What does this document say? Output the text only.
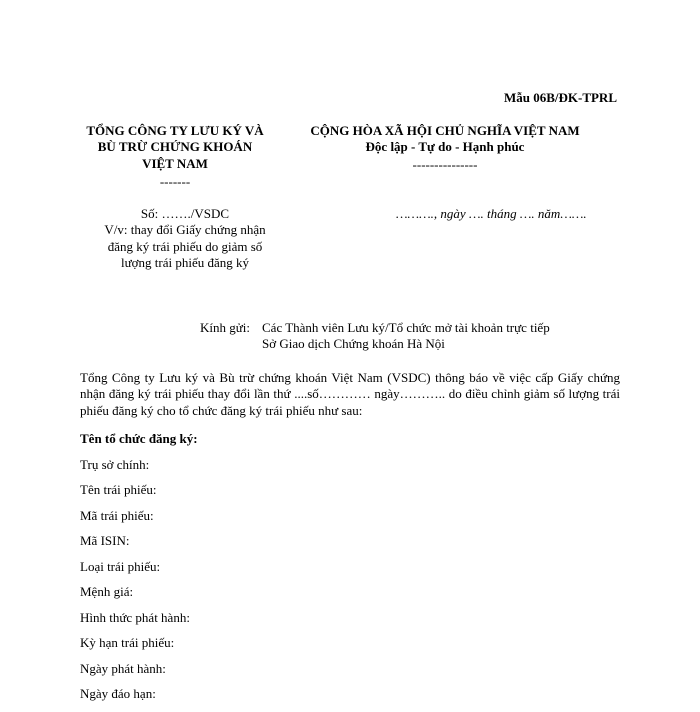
Mẫu 06B/ĐK-TPRL
TỔNG CÔNG TY LƯU KÝ VÀ
BÙ TRỪ CHỨNG KHOÁN
VIỆT NAM
-------
CỘNG HÒA XÃ HỘI CHỦ NGHĨA VIỆT NAM
Độc lập - Tự do - Hạnh phúc
---------------
Số: ……./VSDC
V/v: thay đổi Giấy chứng nhận
đăng ký trái phiếu do giảm số
lượng trái phiếu đăng ký
………., ngày …. tháng …. năm…….
Kính gửi: Các Thành viên Lưu ký/Tổ chức mở tài khoản trực tiếp
Sở Giao dịch Chứng khoán Hà Nội
Tổng Công ty Lưu ký và Bù trừ chứng khoán Việt Nam (VSDC) thông báo về việc cấp Giấy chứng nhận đăng ký trái phiếu thay đổi lần thứ ....số………… ngày……….. do điều chỉnh giảm số lượng trái phiếu đăng ký cho tổ chức đăng ký trái phiếu như sau:
Tên tổ chức đăng ký:
Trụ sở chính:
Tên trái phiếu:
Mã trái phiếu:
Mã ISIN:
Loại trái phiếu:
Mệnh giá:
Hình thức phát hành:
Kỳ hạn trái phiếu:
Ngày phát hành:
Ngày đáo hạn:
